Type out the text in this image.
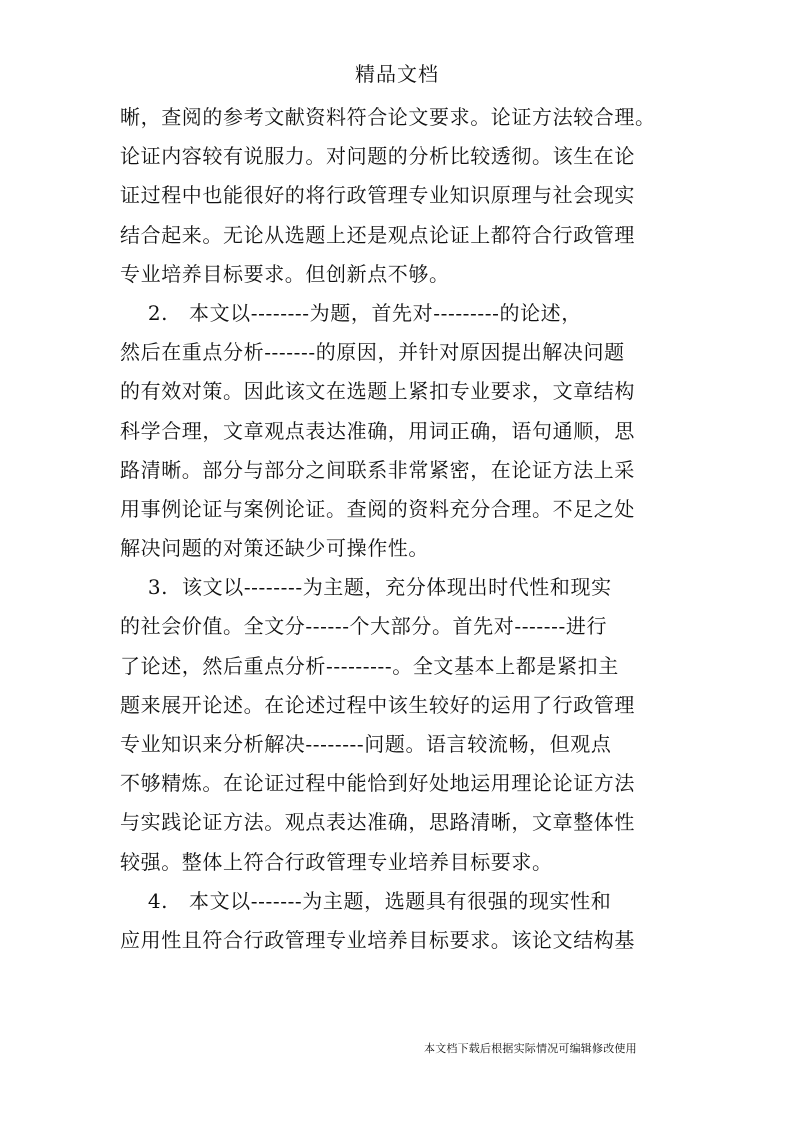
精品文档
晰，查阅的参考文献资料符合论文要求。论证方法较合理。
论证内容较有说服力。对问题的分析比较透彻。该生在论
证过程中也能很好的将行政管理专业知识原理与社会现实
结合起来。无论从选题上还是观点论证上都符合行政管理
专业培养目标要求。但创新点不够。
2.   本文以--------为题，首先对---------的论述，
然后在重点分析-------的原因，并针对原因提出解决问题
的有效对策。因此该文在选题上紧扣专业要求，文章结构
科学合理，文章观点表达准确，用词正确，语句通顺，思
路清晰。部分与部分之间联系非常紧密，在论证方法上采
用事例论证与案例论证。查阅的资料充分合理。不足之处
解决问题的对策还缺少可操作性。
3.  该文以--------为主题，充分体现出时代性和现实
的社会价值。全文分------个大部分。首先对-------进行
了论述，然后重点分析---------。全文基本上都是紧扣主
题来展开论述。在论述过程中该生较好的运用了行政管理
专业知识来分析解决--------问题。语言较流畅，但观点
不够精炼。在论证过程中能恰到好处地运用理论论证方法
与实践论证方法。观点表达准确，思路清晰，文章整体性
较强。整体上符合行政管理专业培养目标要求。
4.   本文以-------为主题，选题具有很强的现实性和
应用性且符合行政管理专业培养目标要求。该论文结构基
本文档下载后根据实际情况可编辑修改使用
